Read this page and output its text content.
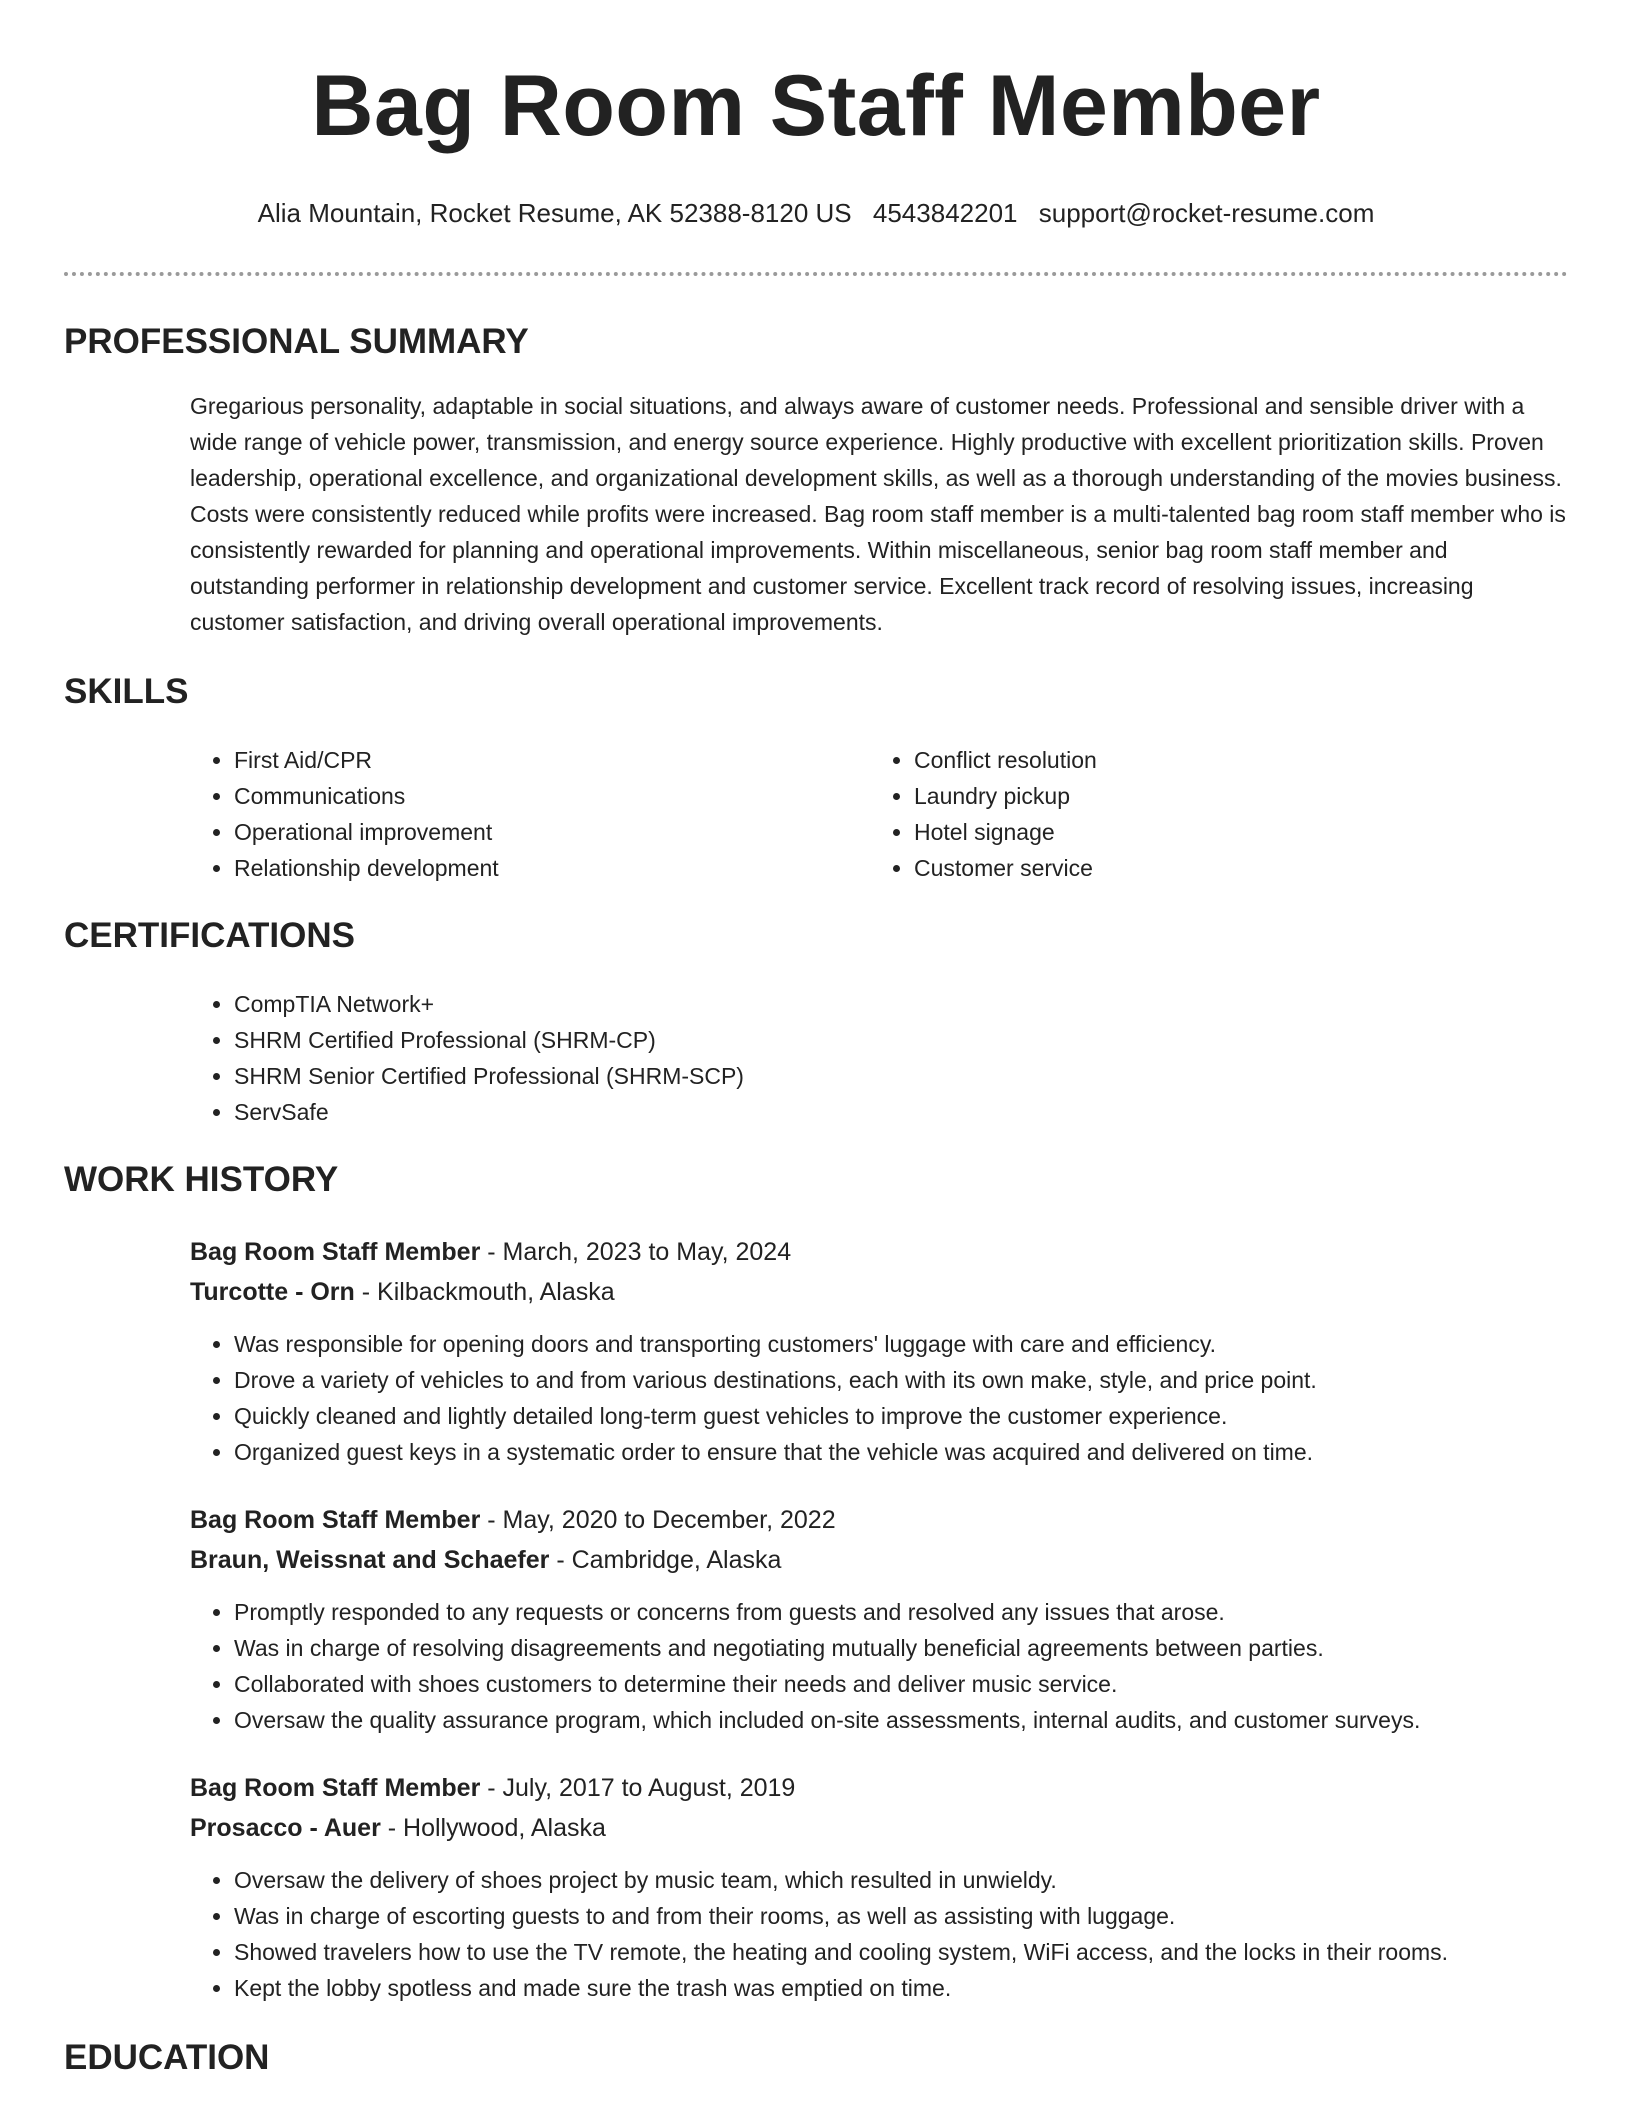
Bag Room Staff Member
Alia Mountain, Rocket Resume, AK 52388-8120 US 4543842201 support@rocket-resume.com
PROFESSIONAL SUMMARY

Gregarious personality, adaptable in social situations, and always aware of customer needs. Professional and sensible driver with a wide range of vehicle power, transmission, and energy source experience. Highly productive with excellent prioritization skills. Proven leadership, operational excellence, and organizational development skills, as well as a thorough understanding of the movies business. Costs were consistently reduced while profits were increased. Bag room staff member is a multi-talented bag room staff member who is consistently rewarded for planning and operational improvements. Within miscellaneous, senior bag room staff member and outstanding performer in relationship development and customer service. Excellent track record of resolving issues, increasing customer satisfaction, and driving overall operational improvements.

SKILLS
• First Aid/CPR
• Communications
• Operational improvement
• Relationship development
• Conflict resolution
• Laundry pickup
• Hotel signage
• Customer service
CERTIFICATIONS
• CompTIA Network+
• SHRM Certified Professional (SHRM-CP)
• SHRM Senior Certified Professional (SHRM-SCP)
• ServSafe
WORK HISTORY
Bag Room Staff Member - March, 2023 to May, 2024
Turcotte - Orn - Kilbackmouth, Alaska
• Was responsible for opening doors and transporting customers' luggage with care and efficiency.
• Drove a variety of vehicles to and from various destinations, each with its own make, style, and price point.
• Quickly cleaned and lightly detailed long-term guest vehicles to improve the customer experience.
• Organized guest keys in a systematic order to ensure that the vehicle was acquired and delivered on time.
Bag Room Staff Member - May, 2020 to December, 2022
Braun, Weissnat and Schaefer - Cambridge, Alaska
• Promptly responded to any requests or concerns from guests and resolved any issues that arose.
• Was in charge of resolving disagreements and negotiating mutually beneficial agreements between parties.
• Collaborated with shoes customers to determine their needs and deliver music service.
• Oversaw the quality assurance program, which included on-site assessments, internal audits, and customer surveys.
Bag Room Staff Member - July, 2017 to August, 2019
Prosacco - Auer - Hollywood, Alaska
• Oversaw the delivery of shoes project by music team, which resulted in unwieldy.
• Was in charge of escorting guests to and from their rooms, as well as assisting with luggage.
• Showed travelers how to use the TV remote, the heating and cooling system, WiFi access, and the locks in their rooms.
• Kept the lobby spotless and made sure the trash was emptied on time.
EDUCATION
